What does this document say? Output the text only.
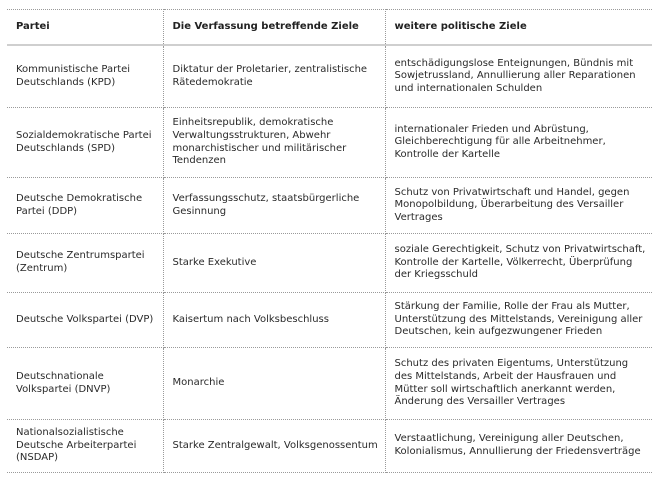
Partei	Die Verfassung betreffende Ziele	weitere politische Ziele
Kommunistische Partei Deutschlands (KPD)	Diktatur der Proletarier, zentralistische Rätedemokratie	entschädigungslose Enteignungen, Bündnis mit Sowjetrussland, Annullierung aller Reparationen und internationalen Schulden
Sozialdemokratische Partei Deutschlands (SPD)	Einheitsrepublik, demokratische Verwaltungsstrukturen, Abwehr monarchistischer und militärischer Tendenzen	internationaler Frieden und Abrüstung, Gleichberechtigung für alle Arbeitnehmer, Kontrolle der Kartelle
Deutsche Demokratische Partei (DDP)	Verfassungsschutz, staatsbürgerliche Gesinnung	Schutz von Privatwirtschaft und Handel, gegen Monopolbildung, Überarbeitung des Versailler Vertrages
Deutsche Zentrumspartei (Zentrum)	Starke Exekutive	soziale Gerechtigkeit, Schutz von Privatwirtschaft, Kontrolle der Kartelle, Völkerrecht, Überprüfung der Kriegsschuld
Deutsche Volkspartei (DVP)	Kaisertum nach Volksbeschluss	Stärkung der Familie, Rolle der Frau als Mutter, Unterstützung des Mittelstands, Vereinigung aller Deutschen, kein aufgezwungener Frieden
Deutschnationale Volkspartei (DNVP)	Monarchie	Schutz des privaten Eigentums, Unterstützung des Mittelstands, Arbeit der Hausfrauen und Mütter soll wirtschaftlich anerkannt werden, Änderung des Versailler Vertrages
Nationalsozialistische Deutsche Arbeiterpartei (NSDAP)	Starke Zentralgewalt, Volksgenossentum	Verstaatlichung, Vereinigung aller Deutschen, Kolonialismus, Annullierung der Friedensverträge
